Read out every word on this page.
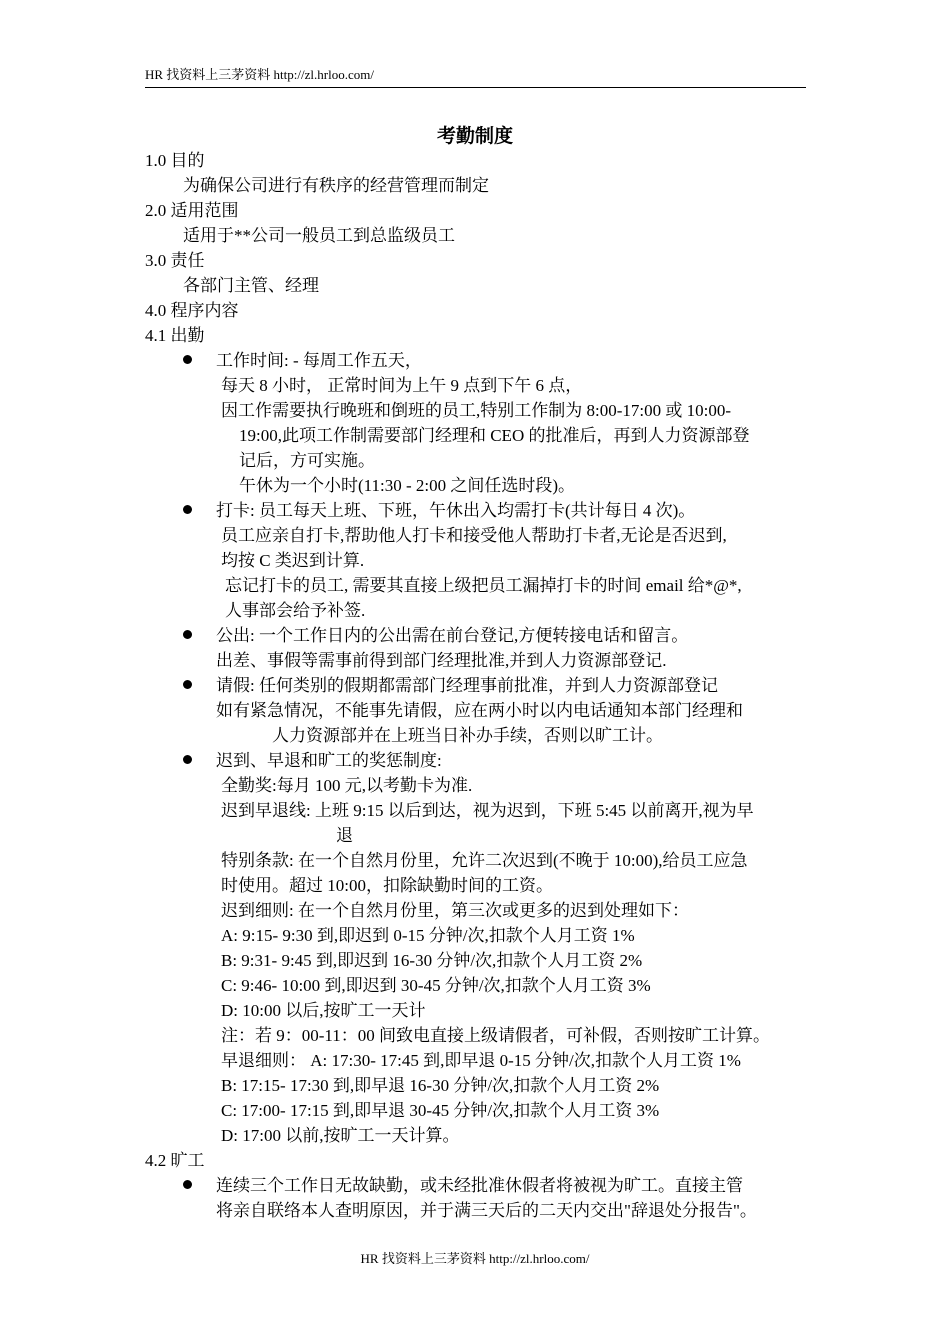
HR 找资料上三茅资料 http://zl.hrloo.com/
考勤制度
1.0 目的
为确保公司进行有秩序的经营管理而制定
2.0 适用范围
适用于**公司一般员工到总监级员工
3.0 责任
各部门主管、经理
4.0 程序内容
4.1 出勤
工作时间: - 每周工作五天，
每天 8 小时， 正常时间为上午 9 点到下午 6 点，
因工作需要执行晚班和倒班的员工,特别工作制为 8:00-17:00 或 10:00-
19:00,此项工作制需要部门经理和 CEO 的批准后，再到人力资源部登
记后，方可实施。
午休为一个小时(11:30 - 2:00 之间任选时段)。
打卡: 员工每天上班、下班，午休出入均需打卡(共计每日 4 次)。
员工应亲自打卡,帮助他人打卡和接受他人帮助打卡者,无论是否迟到,
均按 C 类迟到计算.
忘记打卡的员工, 需要其直接上级把员工漏掉打卡的时间 email 给*@*,
人事部会给予补签.
公出: 一个工作日内的公出需在前台登记,方便转接电话和留言。
出差、事假等需事前得到部门经理批准,并到人力资源部登记.
请假: 任何类别的假期都需部门经理事前批准，并到人力资源部登记
如有紧急情况，不能事先请假，应在两小时以内电话通知本部门经理和
人力资源部并在上班当日补办手续，否则以旷工计。
迟到、早退和旷工的奖惩制度:
全勤奖:每月 100 元,以考勤卡为准.
迟到早退线: 上班 9:15 以后到达，视为迟到，下班 5:45 以前离开,视为早
退
特别条款: 在一个自然月份里，允许二次迟到(不晚于 10:00),给员工应急
时使用。超过 10:00，扣除缺勤时间的工资。
迟到细则: 在一个自然月份里，第三次或更多的迟到处理如下：
A: 9:15- 9:30 到,即迟到 0-15 分钟/次,扣款个人月工资 1%
B: 9:31- 9:45 到,即迟到 16-30 分钟/次,扣款个人月工资 2%
C: 9:46- 10:00 到,即迟到 30-45 分钟/次,扣款个人月工资 3%
D: 10:00 以后,按旷工一天计
注：若 9：00-11：00 间致电直接上级请假者，可补假，否则按旷工计算。
早退细则： A: 17:30- 17:45 到,即早退 0-15 分钟/次,扣款个人月工资 1%
B: 17:15- 17:30 到,即早退 16-30 分钟/次,扣款个人月工资 2%
C: 17:00- 17:15 到,即早退 30-45 分钟/次,扣款个人月工资 3%
D: 17:00 以前,按旷工一天计算。
4.2 旷工
连续三个工作日无故缺勤，或未经批准休假者将被视为旷工。直接主管
将亲自联络本人查明原因，并于满三天后的二天内交出"辞退处分报告"。
HR 找资料上三茅资料 http://zl.hrloo.com/
